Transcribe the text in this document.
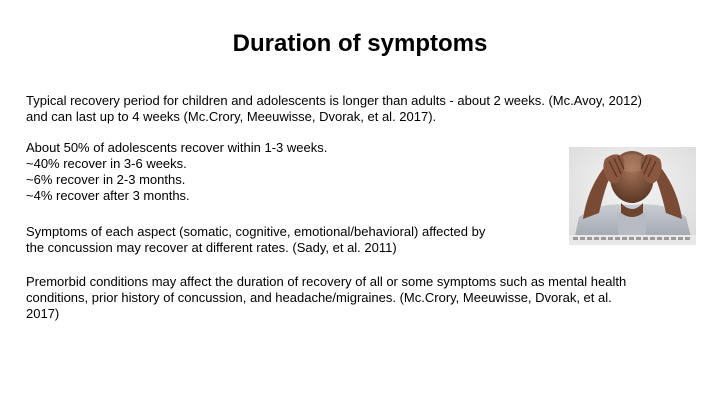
Duration of symptoms

Typical recovery period for children and adolescents is longer than adults - about 2 weeks. (Mc.Avoy, 2012)
and can last up to 4 weeks (Mc.Crory, Meeuwisse, Dvorak, et al. 2017).

About 50% of adolescents recover within 1-3 weeks.
~40% recover in 3-6 weeks.
~6% recover in 2-3 months.
~4% recover after 3 months.

Symptoms of each aspect (somatic, cognitive, emotional/behavioral) affected by
the concussion may recover at different rates. (Sady, et al. 2011)

Premorbid conditions may affect the duration of recovery of all or some symptoms such as mental health
conditions, prior history of concussion, and headache/migraines. (Mc.Crory, Meeuwisse, Dvorak, et al.
2017)
